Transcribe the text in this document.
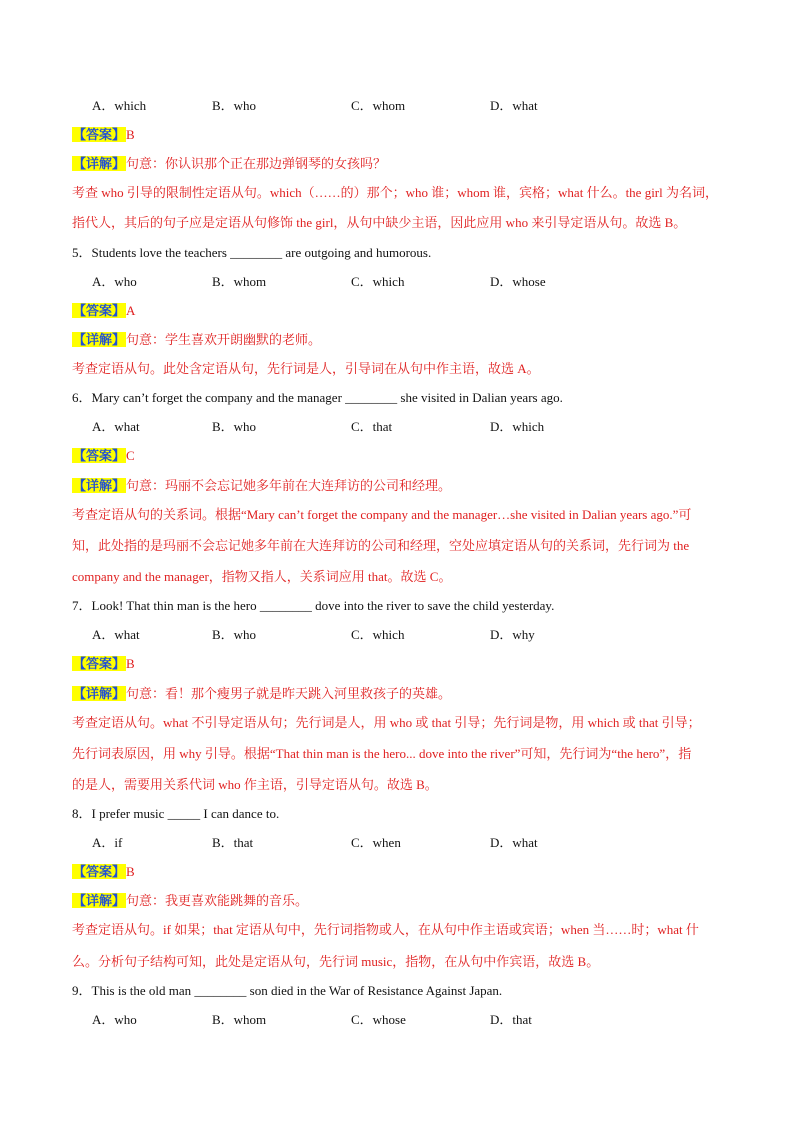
A．which	B．who	C．whom	D．what
【答案】B
【详解】句意：你认识那个正在那边弹钢琴的女孩吗？
考查 who 引导的限制性定语从句。which（……的）那个；who 谁；whom 谁，宾格；what 什么。the girl 为名词，
指代人，其后的句子应是定语从句修饰 the girl，从句中缺少主语，因此应用 who 来引导定语从句。故选 B。
5．Students love the teachers ________ are outgoing and humorous.
A．who	B．whom	C．which	D．whose
【答案】A
【详解】句意：学生喜欢开朗幽默的老师。
考查定语从句。此处含定语从句，先行词是人，引导词在从句中作主语，故选 A。
6．Mary can’t forget the company and the manager ________ she visited in Dalian years ago.
A．what	B．who	C．that	D．which
【答案】C
【详解】句意：玛丽不会忘记她多年前在大连拜访的公司和经理。
考查定语从句的关系词。根据“Mary can’t forget the company and the manager…she visited in Dalian years ago.”可
知，此处指的是玛丽不会忘记她多年前在大连拜访的公司和经理，空处应填定语从句的关系词，先行词为 the
company and the manager，指物又指人，关系词应用 that。故选 C。
7．Look! That thin man is the hero ________ dove into the river to save the child yesterday.
A．what	B．who	C．which	D．why
【答案】B
【详解】句意：看！那个瘦男子就是昨天跳入河里救孩子的英雄。
考查定语从句。what 不引导定语从句；先行词是人，用 who 或 that 引导；先行词是物，用 which 或 that 引导；
先行词表原因，用 why 引导。根据“That thin man is the hero... dove into the river”可知，先行词为“the hero”，指
的是人，需要用关系代词 who 作主语，引导定语从句。故选 B。
8．I prefer music _____ I can dance to.
A．if	B．that	C．when	D．what
【答案】B
【详解】句意：我更喜欢能跳舞的音乐。
考查定语从句。if 如果；that 定语从句中，先行词指物或人，在从句中作主语或宾语；when 当……时；what 什
么。分析句子结构可知，此处是定语从句，先行词 music，指物，在从句中作宾语，故选 B。
9．This is the old man ________ son died in the War of Resistance Against Japan.
A．who	B．whom	C．whose	D．that
